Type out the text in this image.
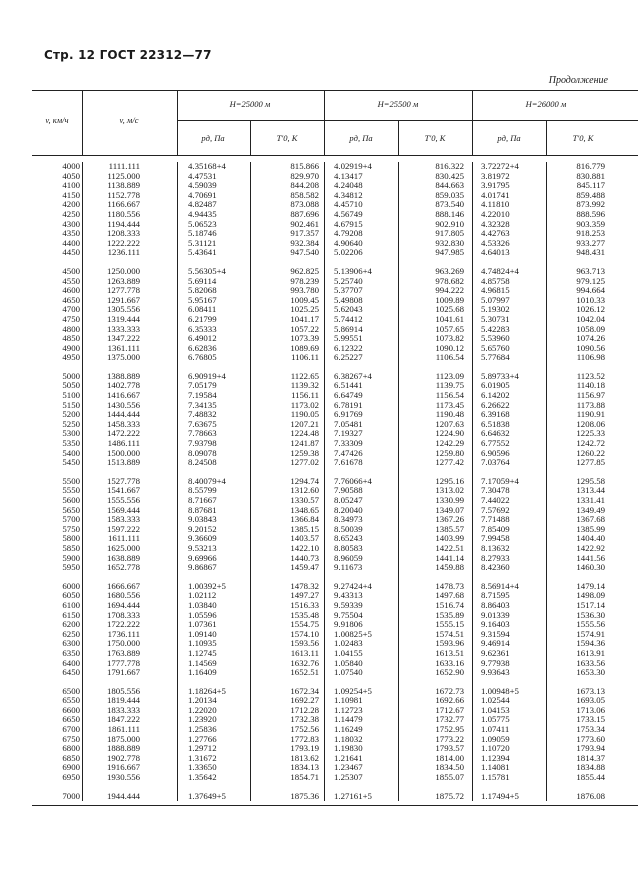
Стр. 12 ГОСТ 22312—77
Продолжение
v, км/ч	v, м/с
H=25000 м	H=25500 м	H=26000 м
pд, Па	T'0, К	pд, Па	T'0, К	pд, Па	T'0, К
4000	1111.111	4.35168+4	815.866 4.02919+4	816.322 3.72272+4	816.779
4050	1125.000	4.47531	829.970 4.13417	830.425 3.81972	830.881
4100	1138.889	4.59039	844.208 4.24048	844.663 3.91795	845.117
4150	1152.778	4.70691	858.582 4.34812	859.035 4.01741	859.488
4200	1166.667	4.82487	873.088 4.45710	873.540 4.11810	873.992
4250	1180.556	4.94435	887.696 4.56749	888.146 4.22010	888.596
4300	1194.444	5.06523	902.461 4.67915	902.910 4.32328	903.359
4350	1208.333	5.18746	917.357 4.79208	917.805 4.42763	918.253
4400	1222.222	5.31121	932.384 4.90640	932.830 4.53326	933.277
4450	1236.111	5.43641	947.540 5.02206	947.985 4.64013	948.431
4500	1250.000	5.56305+4	962.825 5.13906+4	963.269 4.74824+4	963.713
4550	1263.889	5.69114	978.239 5.25740	978.682 4.85758	979.125
4600	1277.778	5.82068	993.780 5.37707	994.222 4.96815	994.664
4650	1291.667	5.95167	1009.45 5.49808	1009.89 5.07997	1010.33
4700	1305.556	6.08411	1025.25 5.62043	1025.68 5.19302	1026.12
4750	1319.444	6.21799	1041.17 5.74412	1041.61 5.30731	1042.04
4800	1333.333	6.35333	1057.22 5.86914	1057.65 5.42283	1058.09
4850	1347.222	6.49012	1073.39 5.99551	1073.82 5.53960	1074.26
4900	1361.111	6.62836	1089.69 6.12322	1090.12 5.65760	1090.56
4950	1375.000	6.76805	1106.11 6.25227	1106.54 5.77684	1106.98
5000	1388.889	6.90919+4	1122.65 6.38267+4	1123.09 5.89733+4	1123.52
5050	1402.778	7.05179	1139.32 6.51441	1139.75 6.01905	1140.18
5100	1416.667	7.19584	1156.11 6.64749	1156.54 6.14202	1156.97
5150	1430.556	7.34135	1173.02 6.78191	1173.45 6.26622	1173.88
5200	1444.444	7.48832	1190.05 6.91769	1190.48 6.39168	1190.91
5250	1458.333	7.63675	1207.21 7.05481	1207.63 6.51838	1208.06
5300	1472.222	7.78663	1224.48 7.19327	1224.90 6.64632	1225.33
5350	1486.111	7.93798	1241.87 7.33309	1242.29 6.77552	1242.72
5400	1500.000	8.09078	1259.38 7.47426	1259.80 6.90596	1260.22
5450	1513.889	8.24508	1277.02 7.61678	1277.42 7.03764	1277.85
5500	1527.778	8.40079+4	1294.74 7.76066+4	1295.16 7.17059+4	1295.58
5550	1541.667	8.55799	1312.60 7.90588	1313.02 7.30478	1313.44
5600	1555.556	8.71667	1330.57 8.05247	1330.99 7.44022	1331.41
5650	1569.444	8.87681	1348.65 8.20040	1349.07 7.57692	1349.49
5700	1583.333	9.03843	1366.84 8.34973	1367.26 7.71488	1367.68
5750	1597.222	9.20152	1385.15 8.50039	1385.57 7.85409	1385.99
5800	1611.111	9.36609	1403.57 8.65243	1403.99 7.99458	1404.40
5850	1625.000	9.53213	1422.10 8.80583	1422.51 8.13632	1422.92
5900	1638.889	9.69966	1440.73 8.96059	1441.14 8.27933	1441.56
5950	1652.778	9.86867	1459.47 9.11673	1459.88 8.42360	1460.30
6000	1666.667	1.00392+5	1478.32 9.27424+4	1478.73 8.56914+4	1479.14
6050	1680.556	1.02112	1497.27 9.43313	1497.68 8.71595	1498.09
6100	1694.444	1.03840	1516.33 9.59339	1516.74 8.86403	1517.14
6150	1708.333	1.05596	1535.48 9.75504	1535.89 9.01339	1536.30
6200	1722.222	1.07361	1554.75 9.91806	1555.15 9.16403	1555.56
6250	1736.111	1.09140	1574.10 1.00825+5	1574.51 9.31594	1574.91
6300	1750.000	1.10935	1593.56 1.02483	1593.96 9.46914	1594.36
6350	1763.889	1.12745	1613.11 1.04155	1613.51 9.62361	1613.91
6400	1777.778	1.14569	1632.76 1.05840	1633.16 9.77938	1633.56
6450	1791.667	1.16409	1652.51 1.07540	1652.90 9.93643	1653.30
6500	1805.556	1.18264+5	1672.34 1.09254+5	1672.73 1.00948+5	1673.13
6550	1819.444	1.20134	1692.27 1.10981	1692.66 1.02544	1693.05
6600	1833.333	1.22020	1712.28 1.12723	1712.67 1.04153	1713.06
6650	1847.222	1.23920	1732.38 1.14479	1732.77 1.05775	1733.15
6700	1861.111	1.25836	1752.56 1.16249	1752.95 1.07411	1753.34
6750	1875.000	1.27766	1772.83 1.18032	1773.22 1.09059	1773.60
6800	1888.889	1.29712	1793.19 1.19830	1793.57 1.10720	1793.94
6850	1902.778	1.31672	1813.62 1.21641	1814.00 1.12394	1814.37
6900	1916.667	1.33650	1834.13 1.23467	1834.50 1.14081	1834.88
6950	1930.556	1.35642	1854.71 1.25307	1855.07 1.15781	1855.44
7000	1944.444	1.37649+5	1875.36 1.27161+5	1875.72 1.17494+5	1876.08
